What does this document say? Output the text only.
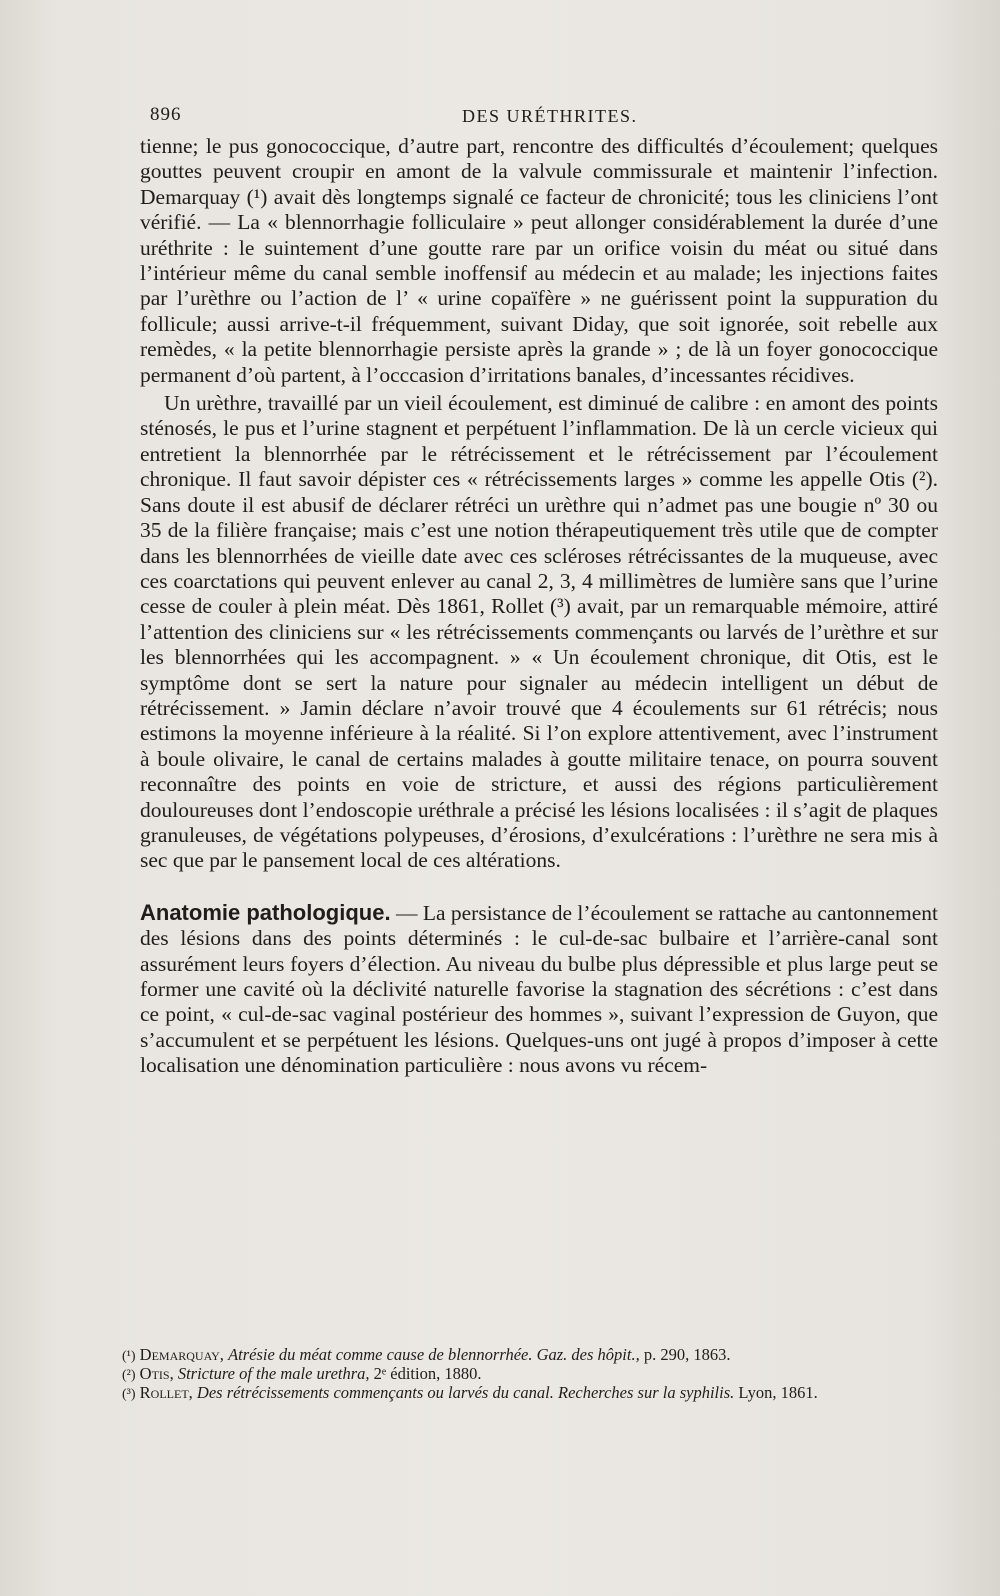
896	DES URÉTHRITES.

tienne; le pus gonococcique, d’autre part, rencontre des difficultés d’écoulement; quelques gouttes peuvent croupir en amont de la valvule commissurale et maintenir l’infection. Demarquay (¹) avait dès longtemps signalé ce facteur de chronicité; tous les cliniciens l’ont vérifié. — La « blennorrhagie folliculaire » peut allonger considérablement la durée d’une uréthrite : le suintement d’une goutte rare par un orifice voisin du méat ou situé dans l’intérieur même du canal semble inoffensif au médecin et au malade; les injections faites par l’urèthre ou l’action de l’ « urine copaïfère » ne guérissent point la suppuration du follicule; aussi arrive-t-il fréquemment, suivant Diday, que soit ignorée, soit rebelle aux remèdes, « la petite blennorrhagie persiste après la grande » ; de là un foyer gonococcique permanent d’où partent, à l’occcasion d’irritations banales, d’incessantes récidives.

Un urèthre, travaillé par un vieil écoulement, est diminué de calibre : en amont des points sténosés, le pus et l’urine stagnent et perpétuent l’inflammation. De là un cercle vicieux qui entretient la blennorrhée par le rétrécissement et le rétrécissement par l’écoulement chronique. Il faut savoir dépister ces « rétrécissements larges » comme les appelle Otis (²). Sans doute il est abusif de déclarer rétréci un urèthre qui n’admet pas une bougie nº 30 ou 35 de la filière française; mais c’est une notion thérapeutiquement très utile que de compter dans les blennorrhées de vieille date avec ces scléroses rétrécissantes de la muqueuse, avec ces coarctations qui peuvent enlever au canal 2, 3, 4 millimètres de lumière sans que l’urine cesse de couler à plein méat. Dès 1861, Rollet (³) avait, par un remarquable mémoire, attiré l’attention des cliniciens sur « les rétrécissements commençants ou larvés de l’urèthre et sur les blennorrhées qui les accompagnent. » « Un écoulement chronique, dit Otis, est le symptôme dont se sert la nature pour signaler au médecin intelligent un début de rétrécissement. » Jamin déclare n’avoir trouvé que 4 écoulements sur 61 rétrécis; nous estimons la moyenne inférieure à la réalité. Si l’on explore attentivement, avec l’instrument à boule olivaire, le canal de certains malades à goutte militaire tenace, on pourra souvent reconnaître des points en voie de stricture, et aussi des régions particulièrement douloureuses dont l’endoscopie uréthrale a précisé les lésions localisées : il s’agit de plaques granuleuses, de végétations polypeuses, d’érosions, d’exulcérations : l’urèthre ne sera mis à sec que par le pansement local de ces altérations.

Anatomie pathologique. — La persistance de l’écoulement se rattache au cantonnement des lésions dans des points déterminés : le cul-de-sac bulbaire et l’arrière-canal sont assurément leurs foyers d’élection. Au niveau du bulbe plus dépressible et plus large peut se former une cavité où la déclivité naturelle favorise la stagnation des sécrétions : c’est dans ce point, « cul-de-sac vaginal postérieur des hommes », suivant l’expression de Guyon, que s’accumulent et se perpétuent les lésions. Quelques-uns ont jugé à propos d’imposer à cette localisation une dénomination particulière : nous avons vu récem-

(¹) Demarquay, Atrésie du méat comme cause de blennorrhée. Gaz. des hôpit., p. 290, 1863.

(²) Otis, Stricture of the male urethra, 2ᵉ édition, 1880.

(³) Rollet, Des rétrécissements commençants ou larvés du canal. Recherches sur la syphilis. Lyon, 1861.
